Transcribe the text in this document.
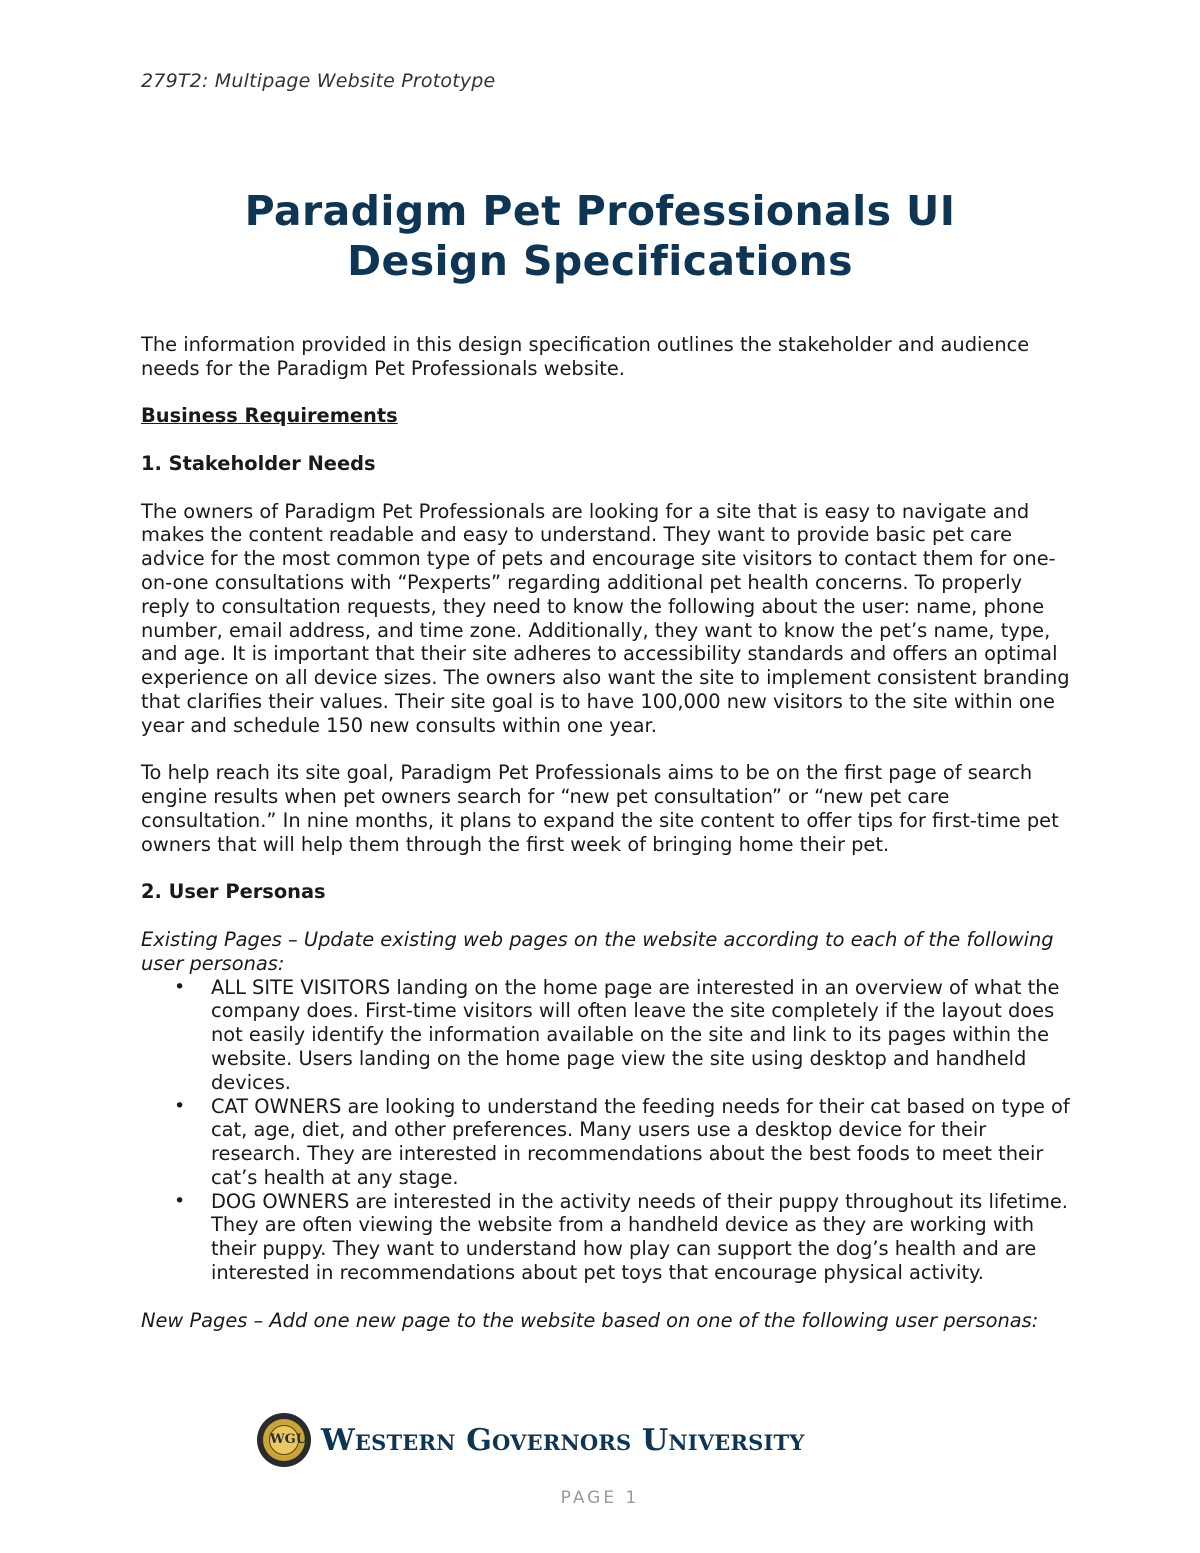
279T2: Multipage Website Prototype
Paradigm Pet Professionals UI
Design Specifications

The information provided in this design specification outlines the stakeholder and audience needs for the Paradigm Pet Professionals website.

Business Requirements

1. Stakeholder Needs

The owners of Paradigm Pet Professionals are looking for a site that is easy to navigate and makes the content readable and easy to understand. They want to provide basic pet care advice for the most common type of pets and encourage site visitors to contact them for one-on-one consultations with “Pexperts” regarding additional pet health concerns. To properly reply to consultation requests, they need to know the following about the user: name, phone number, email address, and time zone. Additionally, they want to know the pet’s name, type, and age. It is important that their site adheres to accessibility standards and offers an optimal experience on all device sizes. The owners also want the site to implement consistent branding that clarifies their values. Their site goal is to have 100,000 new visitors to the site within one year and schedule 150 new consults within one year.

To help reach its site goal, Paradigm Pet Professionals aims to be on the first page of search engine results when pet owners search for “new pet consultation” or “new pet care consultation.” In nine months, it plans to expand the site content to offer tips for first-time pet owners that will help them through the first week of bringing home their pet.

2. User Personas

Existing Pages – Update existing web pages on the website according to each of the following user personas:

• ALL SITE VISITORS landing on the home page are interested in an overview of what the company does. First-time visitors will often leave the site completely if the layout does not easily identify the information available on the site and link to its pages within the website. Users landing on the home page view the site using desktop and handheld devices.
• CAT OWNERS are looking to understand the feeding needs for their cat based on type of cat, age, diet, and other preferences. Many users use a desktop device for their research. They are interested in recommendations about the best foods to meet their cat’s health at any stage.
• DOG OWNERS are interested in the activity needs of their puppy throughout its lifetime. They are often viewing the website from a handheld device as they are working with their puppy. They want to understand how play can support the dog’s health and are interested in recommendations about pet toys that encourage physical activity.

New Pages – Add one new page to the website based on one of the following user personas:

WGU Western Governors University
PAGE 1
